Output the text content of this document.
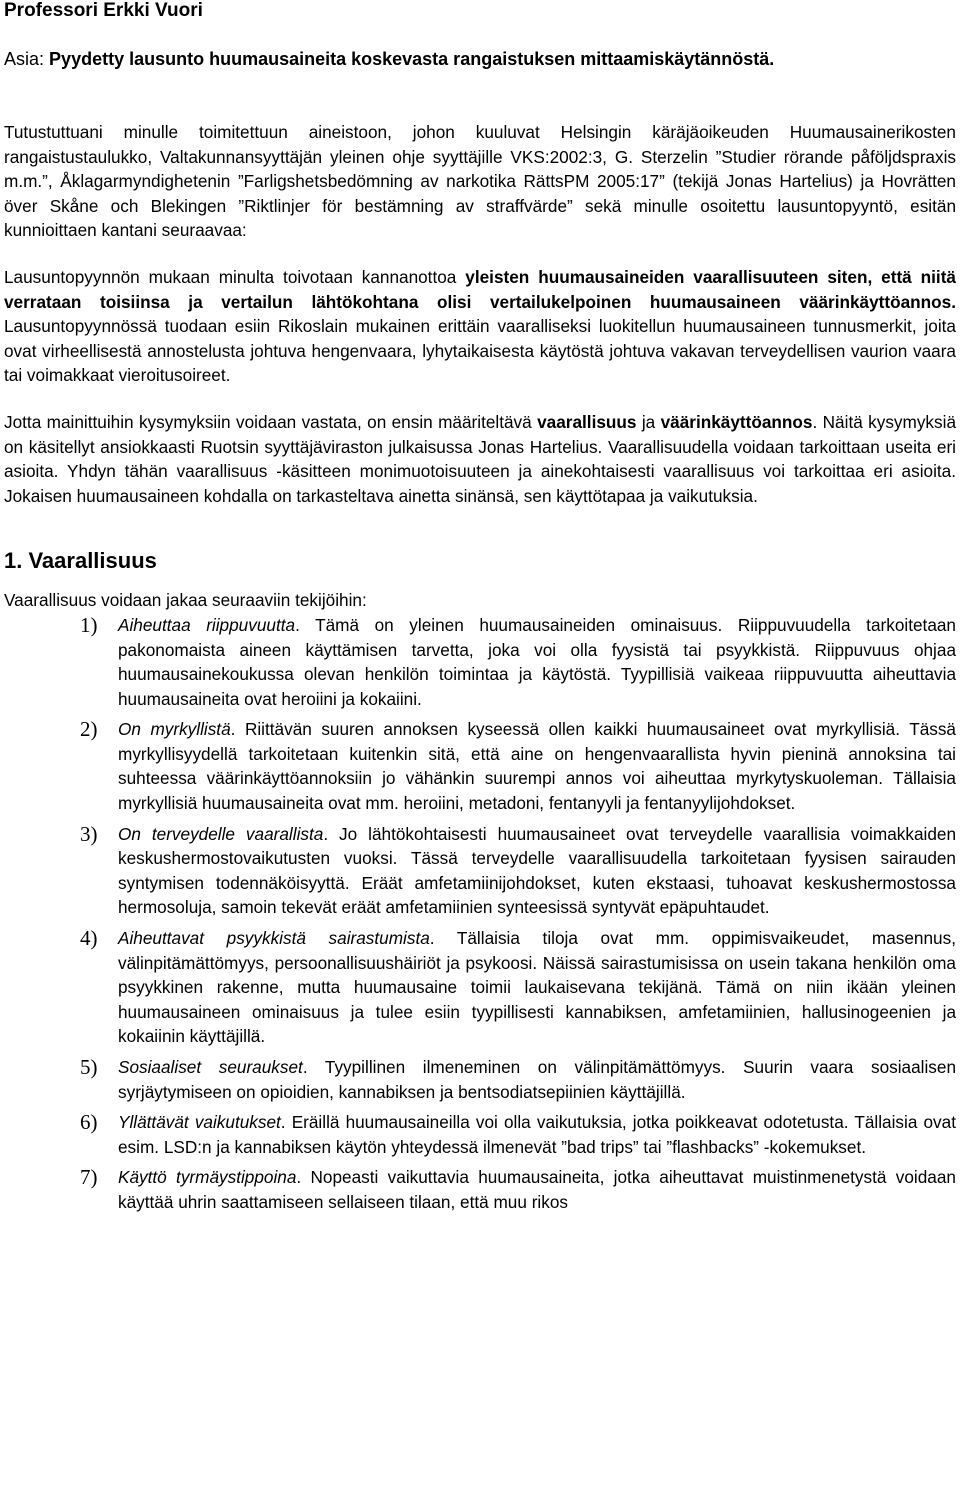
Professori Erkki Vuori

Asia: Pyydetty lausunto huumausaineita koskevasta rangaistuksen mittaamiskäytännöstä.

Tutustuttuani minulle toimitettuun aineistoon, johon kuuluvat Helsingin käräjäoikeuden Huumausainerikosten rangaistustaulukko, Valtakunnansyyttäjän yleinen ohje syyttäjille VKS:2002:3, G. Sterzelin ”Studier rörande påföljdspraxis m.m.”, Åklagarmyndighetenin ”Farligshetsbedömning av narkotika RättsPM 2005:17” (tekijä Jonas Hartelius) ja Hovrätten över Skåne och Blekingen ”Riktlinjer för bestämning av straffvärde” sekä minulle osoitettu lausuntopyyntö, esitän kunnioittaen kantani seuraavaa:

Lausuntopyynnön mukaan minulta toivotaan kannanottoa yleisten huumausaineiden vaarallisuuteen siten, että niitä verrataan toisiinsa ja vertailun lähtökohtana olisi vertailukelpoinen huumausaineen väärinkäyttöannos. Lausuntopyynnössä tuodaan esiin Rikoslain mukainen erittäin vaaralliseksi luokitellun huumausaineen tunnusmerkit, joita ovat virheellisestä annostelusta johtuva hengenvaara, lyhytaikaisesta käytöstä johtuva vakavan terveydellisen vaurion vaara tai voimakkaat vieroitusoireet.

Jotta mainittuihin kysymyksiin voidaan vastata, on ensin määriteltävä vaarallisuus ja väärinkäyttöannos. Näitä kysymyksiä on käsitellyt ansiokkaasti Ruotsin syyttäjäviraston julkaisussa Jonas Hartelius. Vaarallisuudella voidaan tarkoittaan useita eri asioita. Yhdyn tähän vaarallisuus -käsitteen monimuotoisuuteen ja ainekohtaisesti vaarallisuus voi tarkoittaa eri asioita. Jokaisen huumausaineen kohdalla on tarkasteltava ainetta sinänsä, sen käyttötapaa ja vaikutuksia.

1. Vaarallisuus

Vaarallisuus voidaan jakaa seuraaviin tekijöihin:

1) Aiheuttaa riippuvuutta. Tämä on yleinen huumausaineiden ominaisuus. Riippuvuudella tarkoitetaan pakonomaista aineen käyttämisen tarvetta, joka voi olla fyysistä tai psyykkistä. Riippuvuus ohjaa huumausainekoukussa olevan henkilön toimintaa ja käytöstä. Tyypillisiä vaikeaa riippuvuutta aiheuttavia huumausaineita ovat heroiini ja kokaiini.
2) On myrkyllistä. Riittävän suuren annoksen kyseessä ollen kaikki huumausaineet ovat myrkyllisiä. Tässä myrkyllisyydellä tarkoitetaan kuitenkin sitä, että aine on hengenvaarallista hyvin pieninä annoksina tai suhteessa väärinkäyttöannoksiin jo vähänkin suurempi annos voi aiheuttaa myrkytyskuoleman. Tällaisia myrkyllisiä huumausaineita ovat mm. heroiini, metadoni, fentanyyli ja fentanyylijohdokset.
3) On terveydelle vaarallista. Jo lähtökohtaisesti huumausaineet ovat terveydelle vaarallisia voimakkaiden keskushermostovaikutusten vuoksi. Tässä terveydelle vaarallisuudella tarkoitetaan fyysisen sairauden syntymisen todennäköisyyttä. Eräät amfetamiinijohdokset, kuten ekstaasi, tuhoavat keskushermostossa hermosoluja, samoin tekevät eräät amfetamiinien synteesissä syntyvät epäpuhtaudet.
4) Aiheuttavat psyykkistä sairastumista. Tällaisia tiloja ovat mm. oppimisvaikeudet, masennus, välinpitämättömyys, persoonallisuushäiriöt ja psykoosi. Näissä sairastumisissa on usein takana henkilön oma psyykkinen rakenne, mutta huumausaine toimii laukaisevana tekijänä. Tämä on niin ikään yleinen huumausaineen ominaisuus ja tulee esiin tyypillisesti kannabiksen, amfetamiinien, hallusinogeenien ja kokaiinin käyttäjillä.
5) Sosiaaliset seuraukset. Tyypillinen ilmeneminen on välinpitämättömyys. Suurin vaara sosiaalisen syrjäytymiseen on opioidien, kannabiksen ja bentsodiatsepiinien käyttäjillä.
6) Yllättävät vaikutukset. Eräillä huumausaineilla voi olla vaikutuksia, jotka poikkeavat odotetusta. Tällaisia ovat esim. LSD:n ja kannabiksen käytön yhteydessä ilmenevät ”bad trips” tai ”flashbacks” -kokemukset.
7) Käyttö tyrmäystippoina. Nopeasti vaikuttavia huumausaineita, jotka aiheuttavat muistinmenetystä voidaan käyttää uhrin saattamiseen sellaiseen tilaan, että muu rikos
